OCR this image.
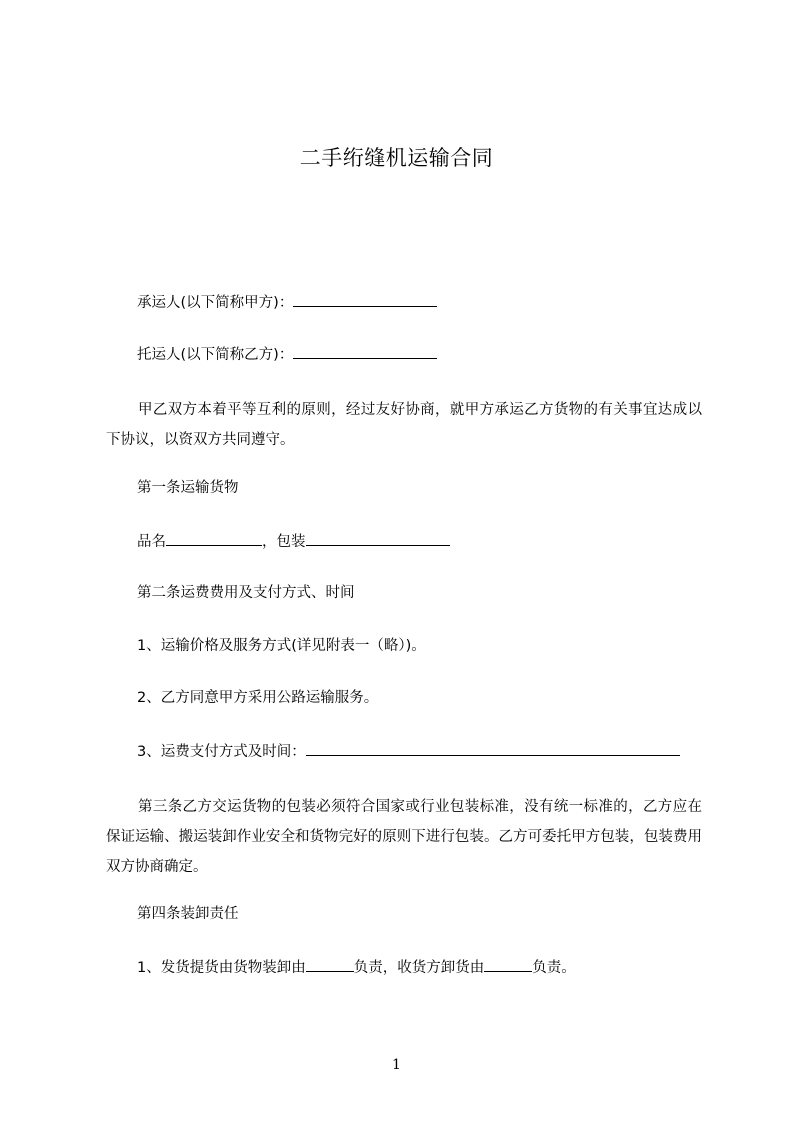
二手绗缝机运输合同
承运人(以下简称甲方)：
托运人(以下简称乙方)：
甲乙双方本着平等互利的原则，经过友好协商，就甲方承运乙方货物的有关事宜达成以下协议，以资双方共同遵守。
第一条运输货物
品名	，包装
第二条运费费用及支付方式、时间
1、运输价格及服务方式(详见附表一（略）)。
2、乙方同意甲方采用公路运输服务。
3、运费支付方式及时间：
第三条乙方交运货物的包装必须符合国家或行业包装标准，没有统一标准的，乙方应在保证运输、搬运装卸作业安全和货物完好的原则下进行包装。乙方可委托甲方包装，包装费用双方协商确定。
第四条装卸责任
1、发货提货由货物装卸由	负责，收货方卸货由	负责。
1
